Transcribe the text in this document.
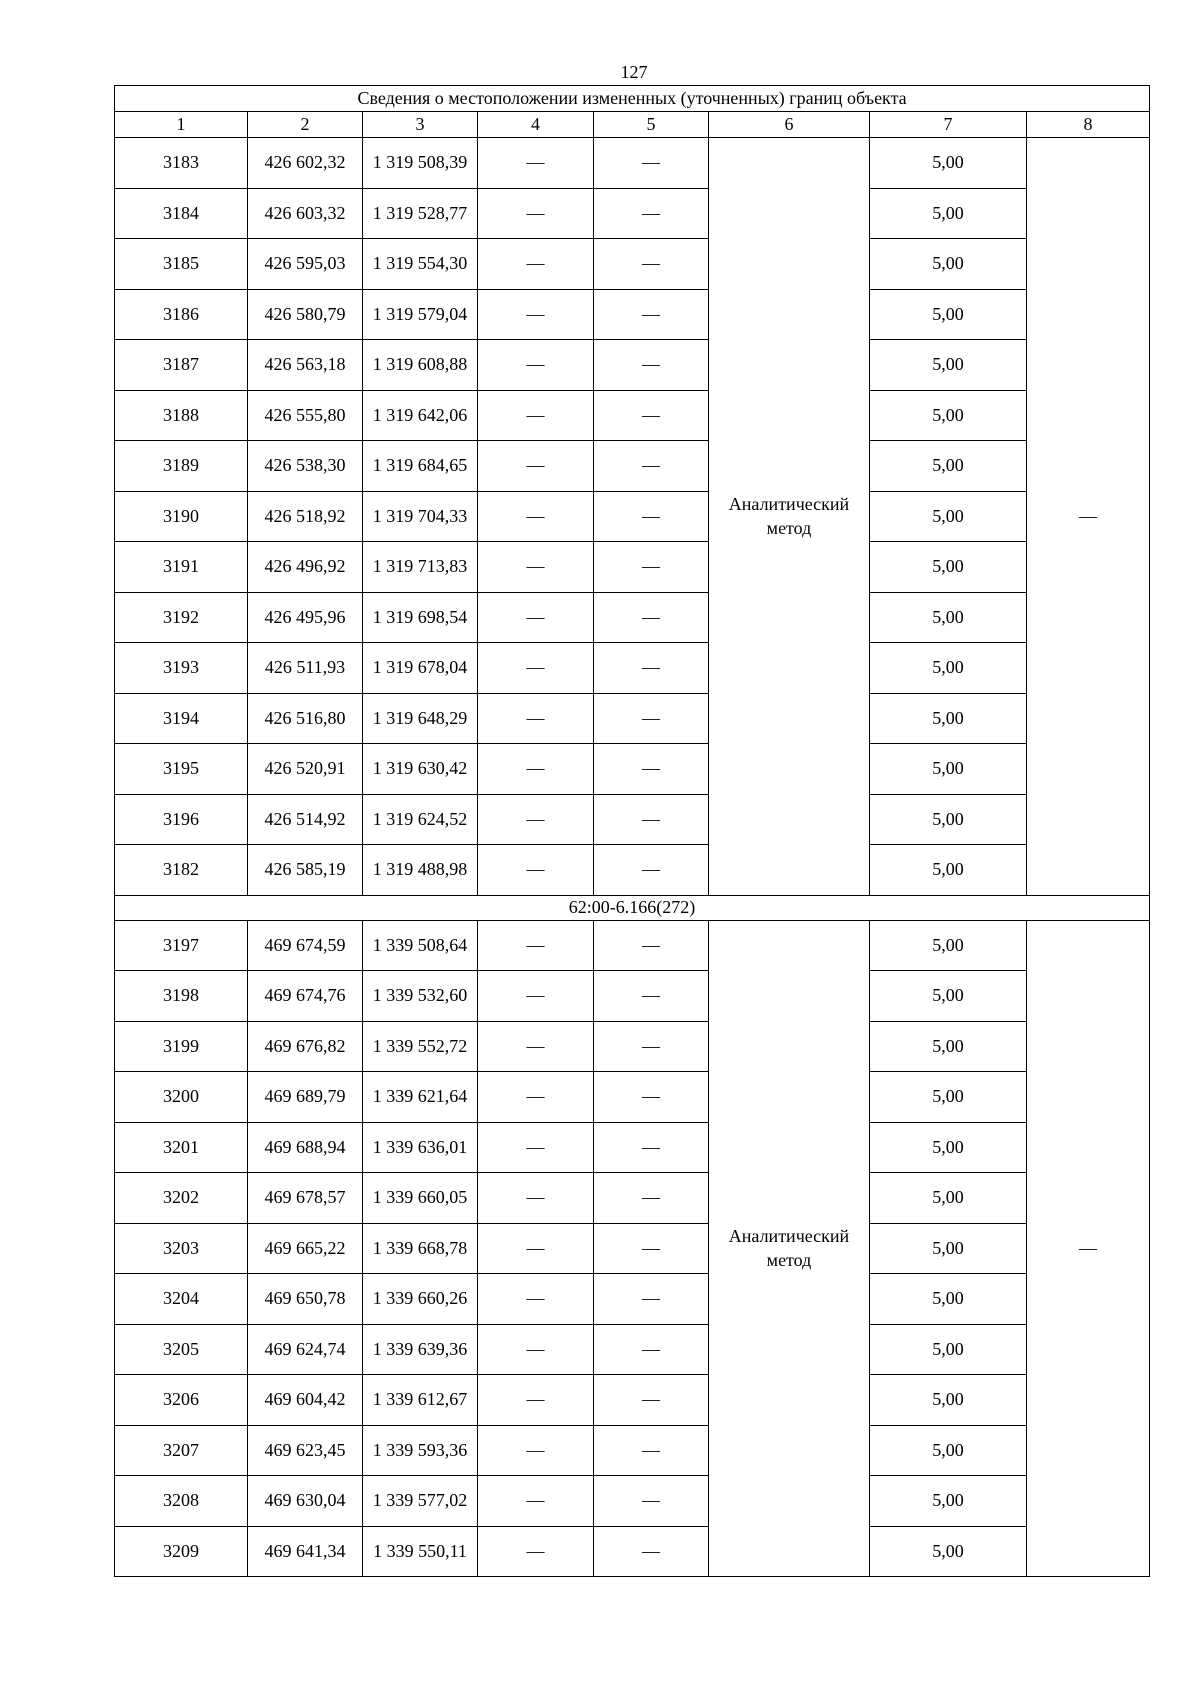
127
Сведения о местоположении измененных (уточненных) границ объекта							
1	2	3	4	5	6	7	8
3183	426 602,32	1 319 508,39	—	—	Аналитический метод	5,00	—
3184	426 603,32	1 319 528,77	—	—		5,00	
3185	426 595,03	1 319 554,30	—	—		5,00	
3186	426 580,79	1 319 579,04	—	—		5,00	
3187	426 563,18	1 319 608,88	—	—		5,00	
3188	426 555,80	1 319 642,06	—	—		5,00	
3189	426 538,30	1 319 684,65	—	—		5,00	
3190	426 518,92	1 319 704,33	—	—		5,00	
3191	426 496,92	1 319 713,83	—	—		5,00	
3192	426 495,96	1 319 698,54	—	—		5,00	
3193	426 511,93	1 319 678,04	—	—		5,00	
3194	426 516,80	1 319 648,29	—	—		5,00	
3195	426 520,91	1 319 630,42	—	—		5,00	
3196	426 514,92	1 319 624,52	—	—		5,00	
3182	426 585,19	1 319 488,98	—	—		5,00	
62:00-6.166(272)							
3197	469 674,59	1 339 508,64	—	—	Аналитический метод	5,00	—
3198	469 674,76	1 339 532,60	—	—		5,00	
3199	469 676,82	1 339 552,72	—	—		5,00	
3200	469 689,79	1 339 621,64	—	—		5,00	
3201	469 688,94	1 339 636,01	—	—		5,00	
3202	469 678,57	1 339 660,05	—	—		5,00	
3203	469 665,22	1 339 668,78	—	—		5,00	
3204	469 650,78	1 339 660,26	—	—		5,00	
3205	469 624,74	1 339 639,36	—	—		5,00	
3206	469 604,42	1 339 612,67	—	—		5,00	
3207	469 623,45	1 339 593,36	—	—		5,00	
3208	469 630,04	1 339 577,02	—	—		5,00	
3209	469 641,34	1 339 550,11	—	—		5,00	
